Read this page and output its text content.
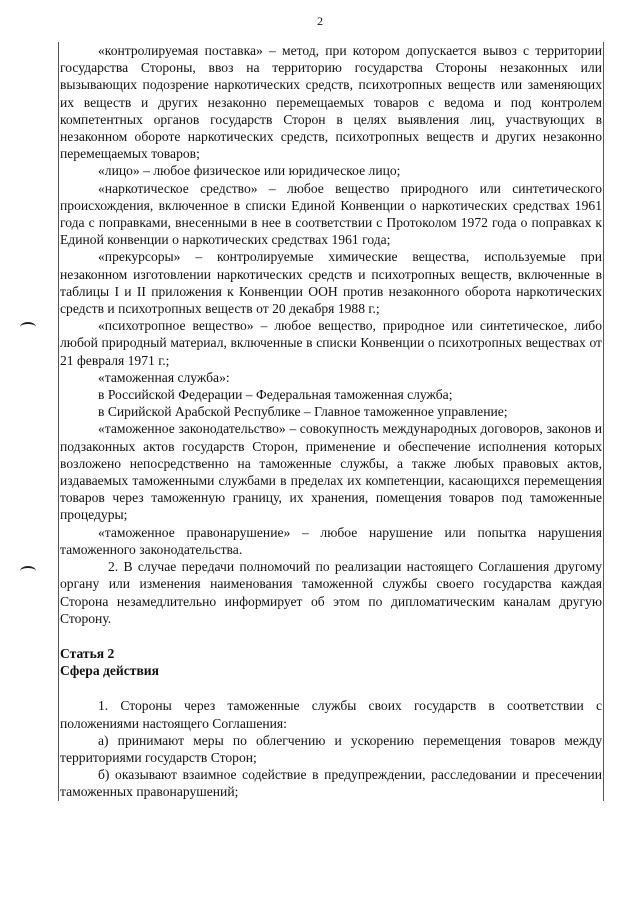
2

«контролируемая поставка» – метод, при котором допускается вывоз с территории государства Стороны, ввоз на территорию государства Стороны незаконных или вызывающих подозрение наркотических средств, психотропных веществ или заменяющих их веществ и других незаконно перемещаемых товаров с ведома и под контролем компетентных органов государств Сторон в целях выявления лиц, участвующих в незаконном обороте наркотических средств, психотропных веществ и других незаконно перемещаемых товаров;

«лицо» – любое физическое или юридическое лицо;

«наркотическое средство» – любое вещество природного или синтетического происхождения, включенное в списки Единой Конвенции о наркотических средствах 1961 года с поправками, внесенными в нее в соответствии с Протоколом 1972 года о поправках к Единой конвенции о наркотических средствах 1961 года;

«прекурсоры» – контролируемые химические вещества, используемые при незаконном изготовлении наркотических средств и психотропных веществ, включенные в таблицы I и II приложения к Конвенции ООН против незаконного оборота наркотических средств и психотропных веществ от 20 декабря 1988 г.;

«психотропное вещество» – любое вещество, природное или синтетическое, либо любой природный материал, включенные в списки Конвенции о психотропных веществах от 21 февраля 1971 г.;

«таможенная служба»:

в Российской Федерации – Федеральная таможенная служба;

в Сирийской Арабской Республике – Главное таможенное управление;

«таможенное законодательство» – совокупность международных договоров, законов и подзаконных актов государств Сторон, применение и обеспечение исполнения которых возложено непосредственно на таможенные службы, а также любых правовых актов, издаваемых таможенными службами в пределах их компетенции, касающихся перемещения товаров через таможенную границу, их хранения, помещения товаров под таможенные процедуры;

«таможенное правонарушение» – любое нарушение или попытка нарушения таможенного законодательства.

2. В случае передачи полномочий по реализации настоящего Соглашения другому органу или изменения наименования таможенной службы своего государства каждая Сторона незамедлительно информирует об этом по дипломатическим каналам другую Сторону.

Статья 2

Сфера действия

1. Стороны через таможенные службы своих государств в соответствии с положениями настоящего Соглашения:

а) принимают меры по облегчению и ускорению перемещения товаров между территориями государств Сторон;

б) оказывают взаимное содействие в предупреждении, расследовании и пресечении таможенных правонарушений;
